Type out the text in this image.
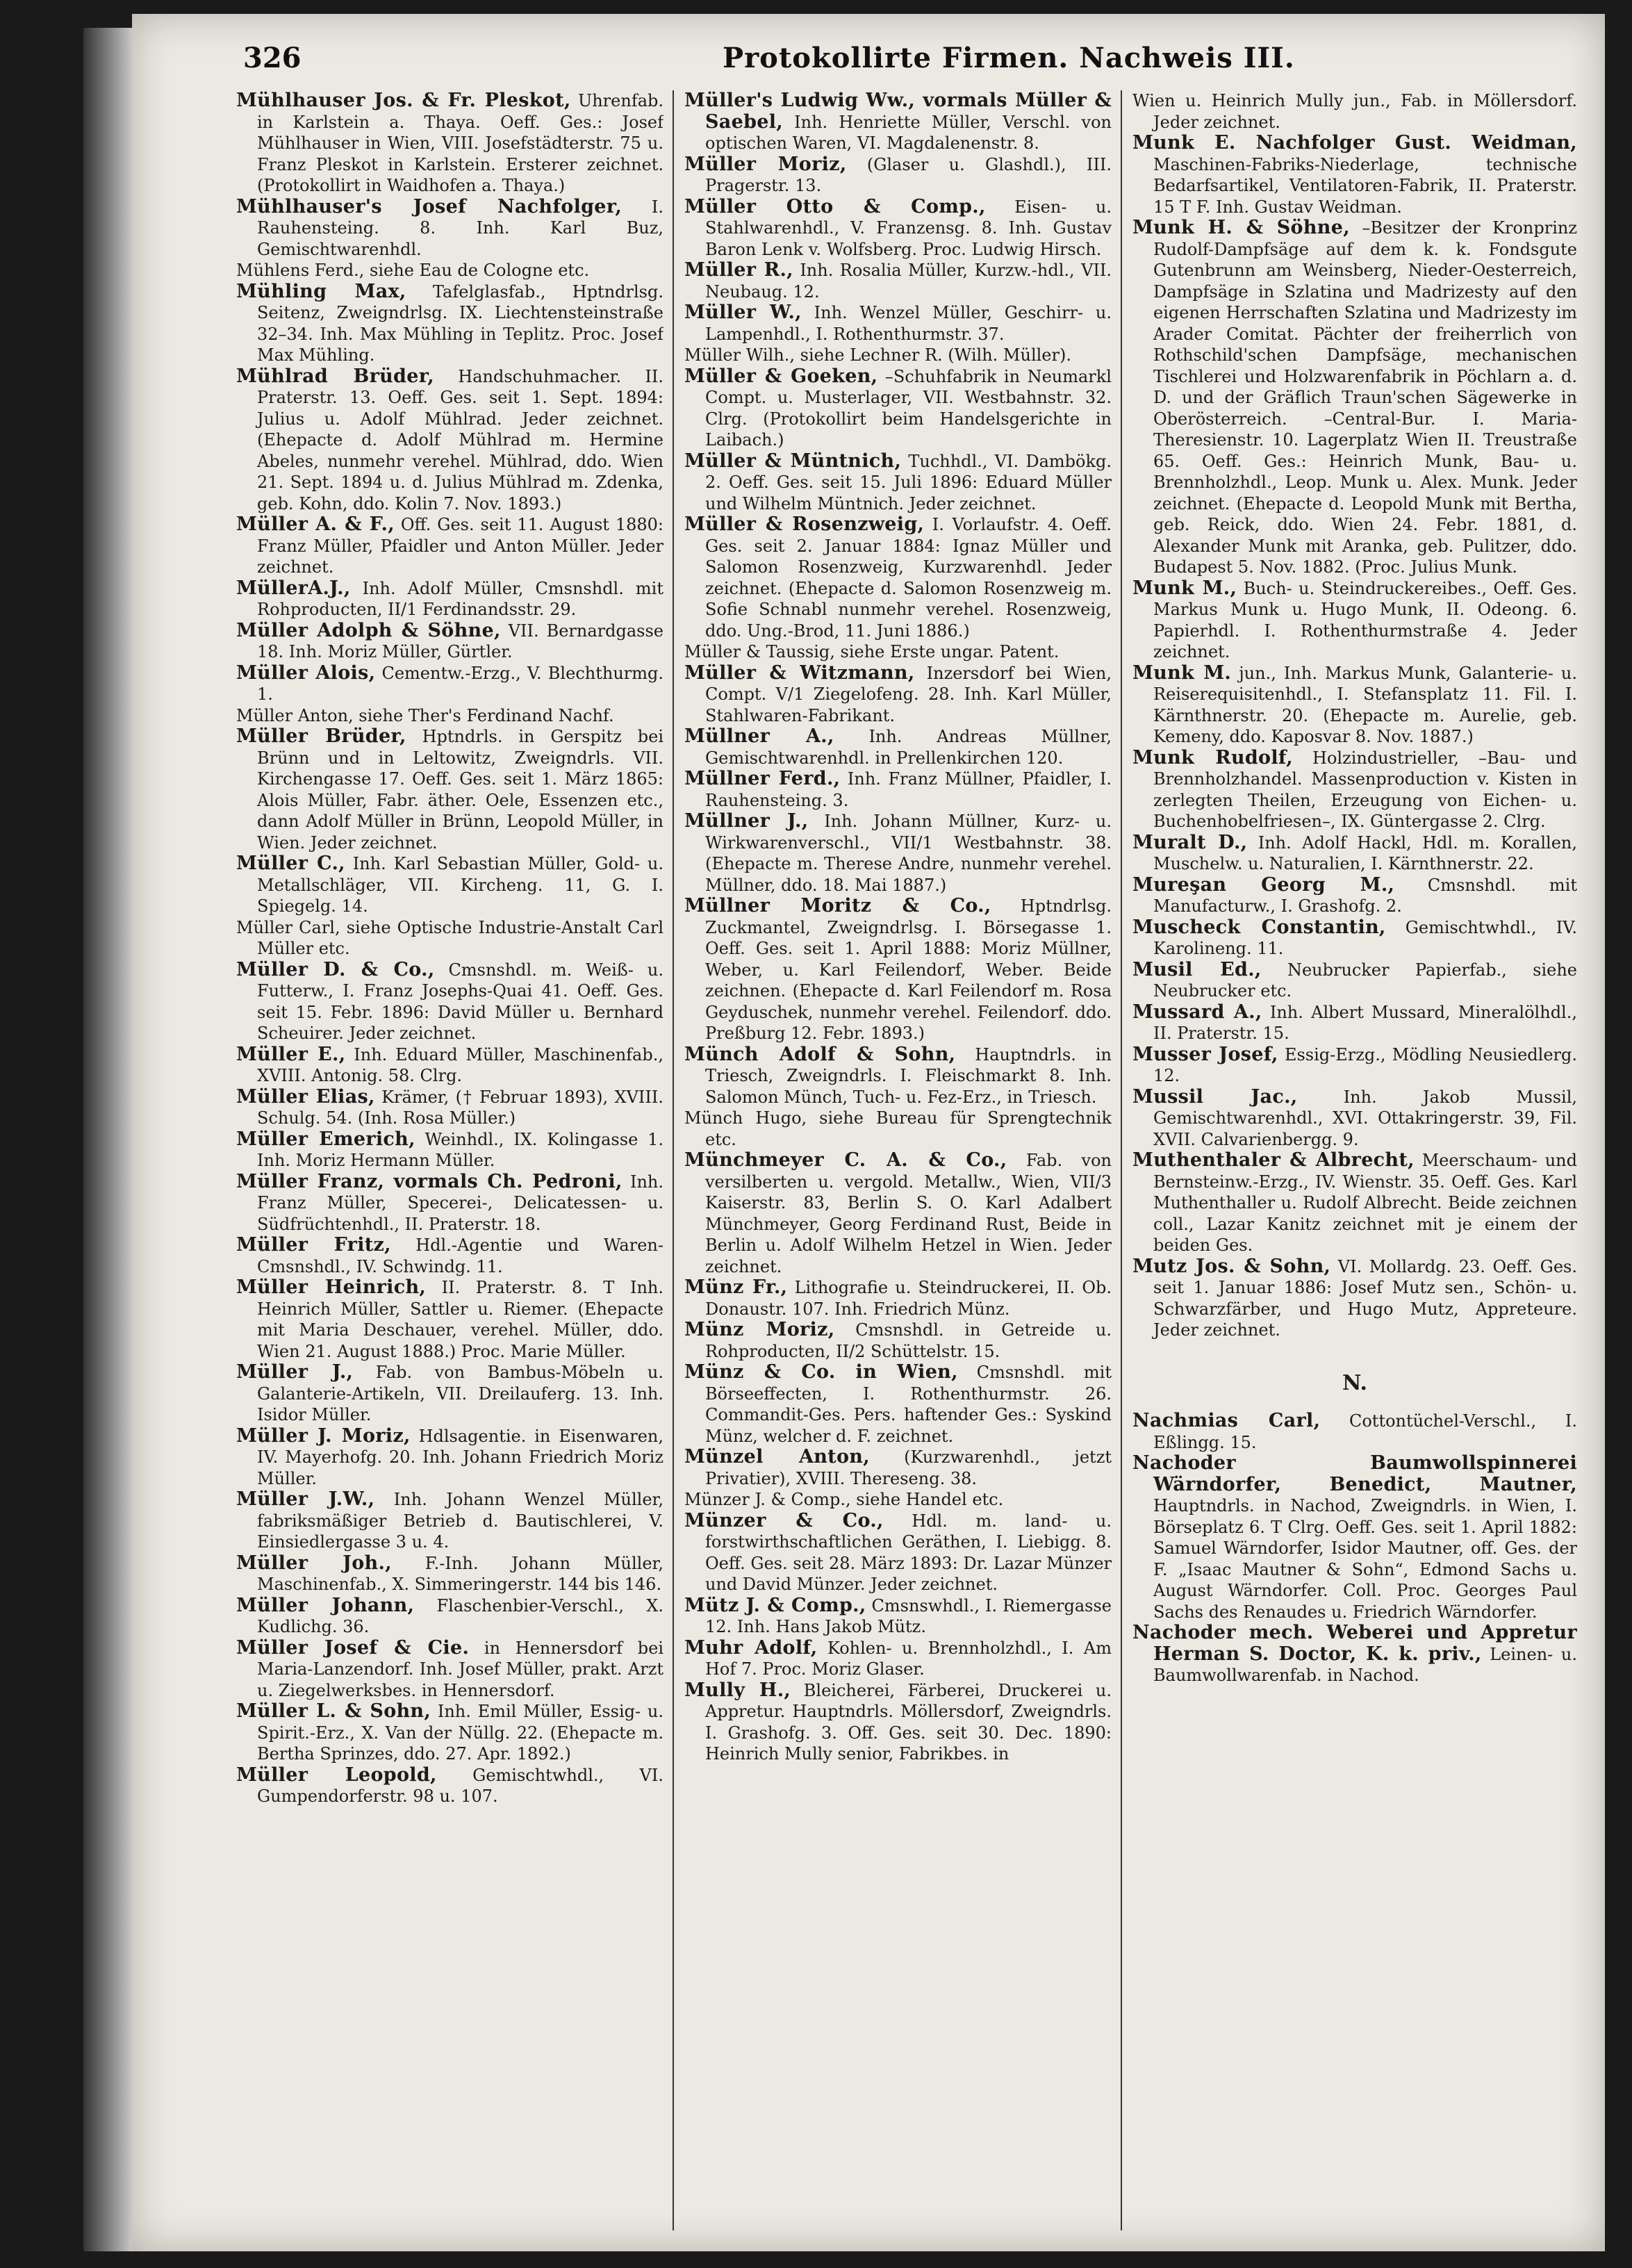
326	Protokollirte Firmen. Nachweis III.

Mühlhauser Jos. & Fr. Pleskot, Uhrenfab. in Karlstein a. Thaya. Oeff. Ges.: Josef Mühlhauser in Wien, VIII. Josefstädterstr. 75 u. Franz Pleskot in Karlstein. Ersterer zeichnet. (Protokollirt in Waidhofen a. Thaya.)

Mühlhauser's Josef Nachfolger, I. Rauhensteing. 8. Inh. Karl Buz, Gemischtwarenhdl.

Mühlens Ferd., siehe Eau de Cologne etc.

Mühling Max, Tafelglasfab., Hptndrlsg. Seitenz, Zweigndrlsg. IX. Liechtensteinstraße 32–34. Inh. Max Mühling in Teplitz. Proc. Josef Max Mühling.

Mühlrad Brüder, Handschuhmacher. II. Praterstr. 13. Oeff. Ges. seit 1. Sept. 1894: Julius u. Adolf Mühlrad. Jeder zeichnet. (Ehepacte d. Adolf Mühlrad m. Hermine Abeles, nunmehr verehel. Mühlrad, ddo. Wien 21. Sept. 1894 u. d. Julius Mühlrad m. Zdenka, geb. Kohn, ddo. Kolin 7. Nov. 1893.)

Müller A. & F., Off. Ges. seit 11. August 1880: Franz Müller, Pfaidler und Anton Müller. Jeder zeichnet.

MüllerA.J., Inh. Adolf Müller, Cmsnshdl. mit Rohproducten, II/1 Ferdinandsstr. 29.

Müller Adolph & Söhne, VII. Bernardgasse 18. Inh. Moriz Müller, Gürtler.

Müller Alois, Cementw.-Erzg., V. Blechthurmg. 1.

Müller Anton, siehe Ther's Ferdinand Nachf.

Müller Brüder, Hptndrls. in Gerspitz bei Brünn und in Leltowitz, Zweigndrls. VII. Kirchengasse 17. Oeff. Ges. seit 1. März 1865: Alois Müller, Fabr. äther. Oele, Essenzen etc., dann Adolf Müller in Brünn, Leopold Müller, in Wien. Jeder zeichnet.

Müller C., Inh. Karl Sebastian Müller, Gold- u. Metallschläger, VII. Kircheng. 11, G. I. Spiegelg. 14.

Müller Carl, siehe Optische Industrie-Anstalt Carl Müller etc.

Müller D. & Co., Cmsnshdl. m. Weiß- u. Futterw., I. Franz Josephs-Quai 41. Oeff. Ges. seit 15. Febr. 1896: David Müller u. Bernhard Scheuirer. Jeder zeichnet.

Müller E., Inh. Eduard Müller, Maschinenfab., XVIII. Antonig. 58. Clrg.

Müller Elias, Krämer, († Februar 1893), XVIII. Schulg. 54. (Inh. Rosa Müller.)

Müller Emerich, Weinhdl., IX. Kolingasse 1. Inh. Moriz Hermann Müller.

Müller Franz, vormals Ch. Pedroni, Inh. Franz Müller, Specerei-, Delicatessen- u. Südfrüchtenhdl., II. Praterstr. 18.

Müller Fritz, Hdl.-Agentie und Waren-Cmsnshdl., IV. Schwindg. 11.

Müller Heinrich, II. Praterstr. 8. T Inh. Heinrich Müller, Sattler u. Riemer. (Ehepacte mit Maria Deschauer, verehel. Müller, ddo. Wien 21. August 1888.) Proc. Marie Müller.

Müller J., Fab. von Bambus-Möbeln u. Galanterie-Artikeln, VII. Dreilauferg. 13. Inh. Isidor Müller.

Müller J. Moriz, Hdlsagentie. in Eisenwaren, IV. Mayerhofg. 20. Inh. Johann Friedrich Moriz Müller.

Müller J.W., Inh. Johann Wenzel Müller, fabriksmäßiger Betrieb d. Bautischlerei, V. Einsiedlergasse 3 u. 4.

Müller Joh., F.-Inh. Johann Müller, Maschinenfab., X. Simmeringerstr. 144 bis 146.

Müller Johann, Flaschenbier-Verschl., X. Kudlichg. 36.

Müller Josef & Cie. in Hennersdorf bei Maria-Lanzendorf. Inh. Josef Müller, prakt. Arzt u. Ziegelwerksbes. in Hennersdorf.

Müller L. & Sohn, Inh. Emil Müller, Essig- u. Spirit.-Erz., X. Van der Nüllg. 22. (Ehepacte m. Bertha Sprinzes, ddo. 27. Apr. 1892.)

Müller Leopold, Gemischtwhdl., VI. Gumpendorferstr. 98 u. 107.

Müller's Ludwig Ww., vormals Müller & Saebel, Inh. Henriette Müller, Verschl. von optischen Waren, VI. Magdalenenstr. 8.

Müller Moriz, (Glaser u. Glashdl.), III. Pragerstr. 13.

Müller Otto & Comp., Eisen- u. Stahlwarenhdl., V. Franzensg. 8. Inh. Gustav Baron Lenk v. Wolfsberg. Proc. Ludwig Hirsch.

Müller R., Inh. Rosalia Müller, Kurzw.-hdl., VII. Neubaug. 12.

Müller W., Inh. Wenzel Müller, Geschirr- u. Lampenhdl., I. Rothenthurmstr. 37.

Müller Wilh., siehe Lechner R. (Wilh. Müller).

Müller & Goeken, –Schuhfabrik in Neumarkl Compt. u. Musterlager, VII. Westbahnstr. 32. Clrg. (Protokollirt beim Handelsgerichte in Laibach.)

Müller & Müntnich, Tuchhdl., VI. Dambökg. 2. Oeff. Ges. seit 15. Juli 1896: Eduard Müller und Wilhelm Müntnich. Jeder zeichnet.

Müller & Rosenzweig, I. Vorlaufstr. 4. Oeff. Ges. seit 2. Januar 1884: Ignaz Müller und Salomon Rosenzweig, Kurzwarenhdl. Jeder zeichnet. (Ehepacte d. Salomon Rosenzweig m. Sofie Schnabl nunmehr verehel. Rosenzweig, ddo. Ung.-Brod, 11. Juni 1886.)

Müller & Taussig, siehe Erste ungar. Patent.

Müller & Witzmann, Inzersdorf bei Wien, Compt. V/1 Ziegelofeng. 28. Inh. Karl Müller, Stahlwaren-Fabrikant.

Müllner A., Inh. Andreas Müllner, Gemischtwarenhdl. in Prellenkirchen 120.

Müllner Ferd., Inh. Franz Müllner, Pfaidler, I. Rauhensteing. 3.

Müllner J., Inh. Johann Müllner, Kurz- u. Wirkwarenverschl., VII/1 Westbahnstr. 38. (Ehepacte m. Therese Andre, nunmehr verehel. Müllner, ddo. 18. Mai 1887.)

Müllner Moritz & Co., Hptndrlsg. Zuckmantel, Zweigndrlsg. I. Börsegasse 1. Oeff. Ges. seit 1. April 1888: Moriz Müllner, Weber, u. Karl Feilendorf, Weber. Beide zeichnen. (Ehepacte d. Karl Feilendorf m. Rosa Geyduschek, nunmehr verehel. Feilendorf. ddo. Preßburg 12. Febr. 1893.)

Münch Adolf & Sohn, Hauptndrls. in Triesch, Zweigndrls. I. Fleischmarkt 8. Inh. Salomon Münch, Tuch- u. Fez-Erz., in Triesch.

Münch Hugo, siehe Bureau für Sprengtechnik etc.

Münchmeyer C. A. & Co., Fab. von versilberten u. vergold. Metallw., Wien, VII/3 Kaiserstr. 83, Berlin S. O. Karl Adalbert Münchmeyer, Georg Ferdinand Rust, Beide in Berlin u. Adolf Wilhelm Hetzel in Wien. Jeder zeichnet.

Münz Fr., Lithografie u. Steindruckerei, II. Ob. Donaustr. 107. Inh. Friedrich Münz.

Münz Moriz, Cmsnshdl. in Getreide u. Rohproducten, II/2 Schüttelstr. 15.

Münz & Co. in Wien, Cmsnshdl. mit Börseeffecten, I. Rothenthurmstr. 26. Commandit-Ges. Pers. haftender Ges.: Syskind Münz, welcher d. F. zeichnet.

Münzel Anton, (Kurzwarenhdl., jetzt Privatier), XVIII. Thereseng. 38.

Münzer J. & Comp., siehe Handel etc.

Münzer & Co., Hdl. m. land- u. forstwirthschaftlichen Geräthen, I. Liebigg. 8. Oeff. Ges. seit 28. März 1893: Dr. Lazar Münzer und David Münzer. Jeder zeichnet.

Mütz J. & Comp., Cmsnswhdl., I. Riemergasse 12. Inh. Hans Jakob Mütz.

Muhr Adolf, Kohlen- u. Brennholzhdl., I. Am Hof 7. Proc. Moriz Glaser.

Mully H., Bleicherei, Färberei, Druckerei u. Appretur. Hauptndrls. Möllersdorf, Zweigndrls. I. Grashofg. 3. Off. Ges. seit 30. Dec. 1890: Heinrich Mully senior, Fabrikbes. in

Wien u. Heinrich Mully jun., Fab. in Möllersdorf. Jeder zeichnet.

Munk E. Nachfolger Gust. Weidman, Maschinen-Fabriks-Niederlage, technische Bedarfsartikel, Ventilatoren-Fabrik, II. Praterstr. 15 T F. Inh. Gustav Weidman.

Munk H. & Söhne, –Besitzer der Kronprinz Rudolf-Dampfsäge auf dem k. k. Fondsgute Gutenbrunn am Weinsberg, Nieder-Oesterreich, Dampfsäge in Szlatina und Madrizesty auf den eigenen Herrschaften Szlatina und Madrizesty im Arader Comitat. Pächter der freiherrlich von Rothschild'schen Dampfsäge, mechanischen Tischlerei und Holzwarenfabrik in Pöchlarn a. d. D. und der Gräflich Traun'schen Sägewerke in Oberösterreich. –Central-Bur. I. Maria-Theresienstr. 10. Lagerplatz Wien II. Treustraße 65. Oeff. Ges.: Heinrich Munk, Bau- u. Brennholzhdl., Leop. Munk u. Alex. Munk. Jeder zeichnet. (Ehepacte d. Leopold Munk mit Bertha, geb. Reick, ddo. Wien 24. Febr. 1881, d. Alexander Munk mit Aranka, geb. Pulitzer, ddo. Budapest 5. Nov. 1882. (Proc. Julius Munk.

Munk M., Buch- u. Steindruckereibes., Oeff. Ges. Markus Munk u. Hugo Munk, II. Odeong. 6. Papierhdl. I. Rothenthurmstraße 4. Jeder zeichnet.

Munk M. jun., Inh. Markus Munk, Galanterie- u. Reiserequisitenhdl., I. Stefansplatz 11. Fil. I. Kärnthnerstr. 20. (Ehepacte m. Aurelie, geb. Kemeny, ddo. Kaposvar 8. Nov. 1887.)

Munk Rudolf, Holzindustrieller, –Bau- und Brennholzhandel. Massenproduction v. Kisten in zerlegten Theilen, Erzeugung von Eichen- u. Buchenhobelfriesen–, IX. Güntergasse 2. Clrg.

Muralt D., Inh. Adolf Hackl, Hdl. m. Korallen, Muschelw. u. Naturalien, I. Kärnthnerstr. 22.

Mureşan Georg M., Cmsnshdl. mit Manufacturw., I. Grashofg. 2.

Muscheck Constantin, Gemischtwhdl., IV. Karolineng. 11.

Musil Ed., Neubrucker Papierfab., siehe Neubrucker etc.

Mussard A., Inh. Albert Mussard, Mineralölhdl., II. Praterstr. 15.

Musser Josef, Essig-Erzg., Mödling Neusiedlerg. 12.

Mussil Jac.,	Inh. Jakob Mussil, Gemischtwarenhdl., XVI. Ottakringerstr. 39, Fil. XVII. Calvarienbergg. 9.

Muthenthaler & Albrecht, Meerschaum- und Bernsteinw.-Erzg., IV. Wienstr. 35. Oeff. Ges. Karl Muthenthaller u. Rudolf Albrecht. Beide zeichnen coll., Lazar Kanitz zeichnet mit je einem der beiden Ges.

Mutz Jos. & Sohn, VI. Mollardg. 23. Oeff. Ges. seit 1. Januar 1886: Josef Mutz sen., Schön- u. Schwarzfärber, und Hugo Mutz, Appreteure. Jeder zeichnet.

N.

Nachmias Carl, Cottontüchel-Verschl., I. Eßlingg. 15.

Nachoder Baumwollspinnerei Wärndorfer, Benedict, Mautner, Hauptndrls. in Nachod, Zweigndrls. in Wien, I. Börseplatz 6. T Clrg. Oeff. Ges. seit 1. April 1882: Samuel Wärndorfer, Isidor Mautner, off. Ges. der F. „Isaac Mautner & Sohn“, Edmond Sachs u. August Wärndorfer. Coll. Proc. Georges Paul Sachs des Renaudes u. Friedrich Wärndorfer.

Nachoder mech. Weberei und Appretur Herman S. Doctor, K. k. priv., Leinen- u. Baumwollwarenfab. in Nachod.
